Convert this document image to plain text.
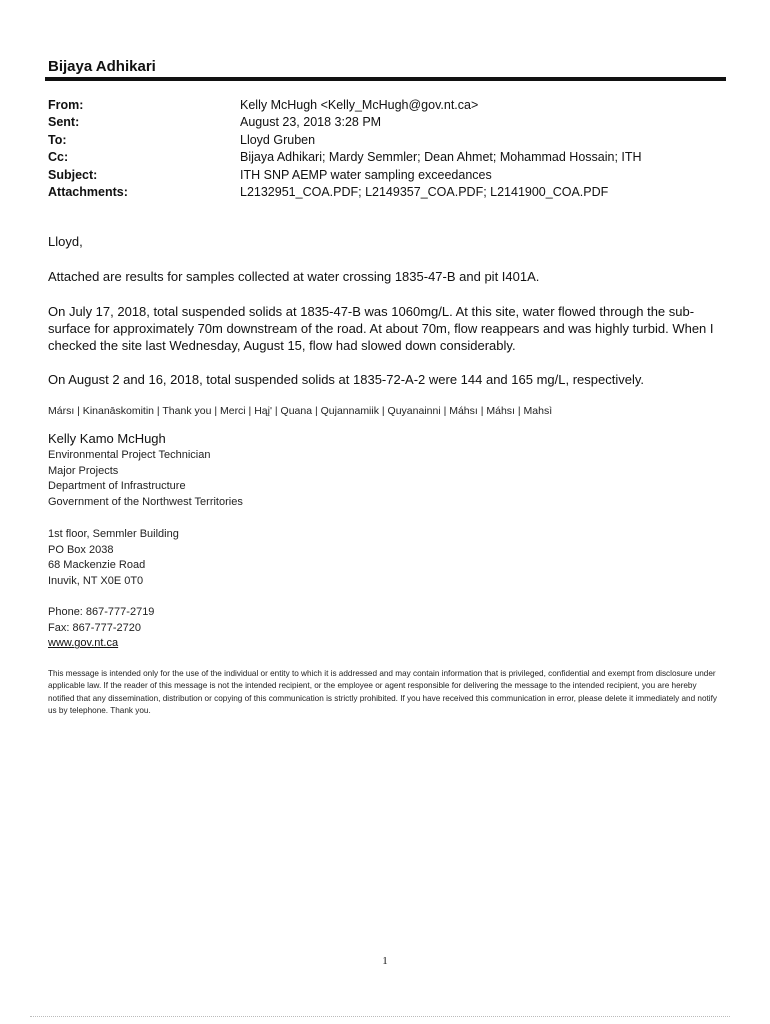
Bijaya Adhikari
From:	Kelly McHugh <Kelly_McHugh@gov.nt.ca>
Sent:	August 23, 2018 3:28 PM
To:	Lloyd Gruben
Cc:	Bijaya Adhikari; Mardy Semmler; Dean Ahmet; Mohammad Hossain; ITH
Subject:	ITH SNP AEMP water sampling exceedances
Attachments:	L2132951_COA.PDF; L2149357_COA.PDF; L2141900_COA.PDF
Lloyd,
Attached are results for samples collected at water crossing 1835-47-B and pit I401A.
On July 17, 2018, total suspended solids at 1835-47-B was 1060mg/L. At this site, water flowed through the sub-surface for approximately 70m downstream of the road. At about 70m, flow reappears and was highly turbid. When I checked the site last Wednesday, August 15, flow had slowed down considerably.
On August 2 and 16, 2018, total suspended solids at 1835-72-A-2 were 144 and 165 mg/L, respectively.
Mársı | Kinanāskomitin | Thank you | Merci | Hąį' | Quana | Qujannamiik | Quyanainni | Máhsı | Máhsı | Mahsì
Kelly Kamo McHugh
Environmental Project Technician
Major Projects
Department of Infrastructure
Government of the Northwest Territories
1st floor, Semmler Building
PO Box 2038
68 Mackenzie Road
Inuvik, NT X0E 0T0
Phone: 867-777-2719
Fax: 867-777-2720
www.gov.nt.ca
This message is intended only for the use of the individual or entity to which it is addressed and may contain information that is privileged, confidential and exempt from disclosure under applicable law. If the reader of this message is not the intended recipient, or the employee or agent responsible for delivering the message to the intended recipient, you are hereby notified that any dissemination, distribution or copying of this communication is strictly prohibited. If you have received this communication in error, please delete it immediately and notify us by telephone. Thank you.
1
